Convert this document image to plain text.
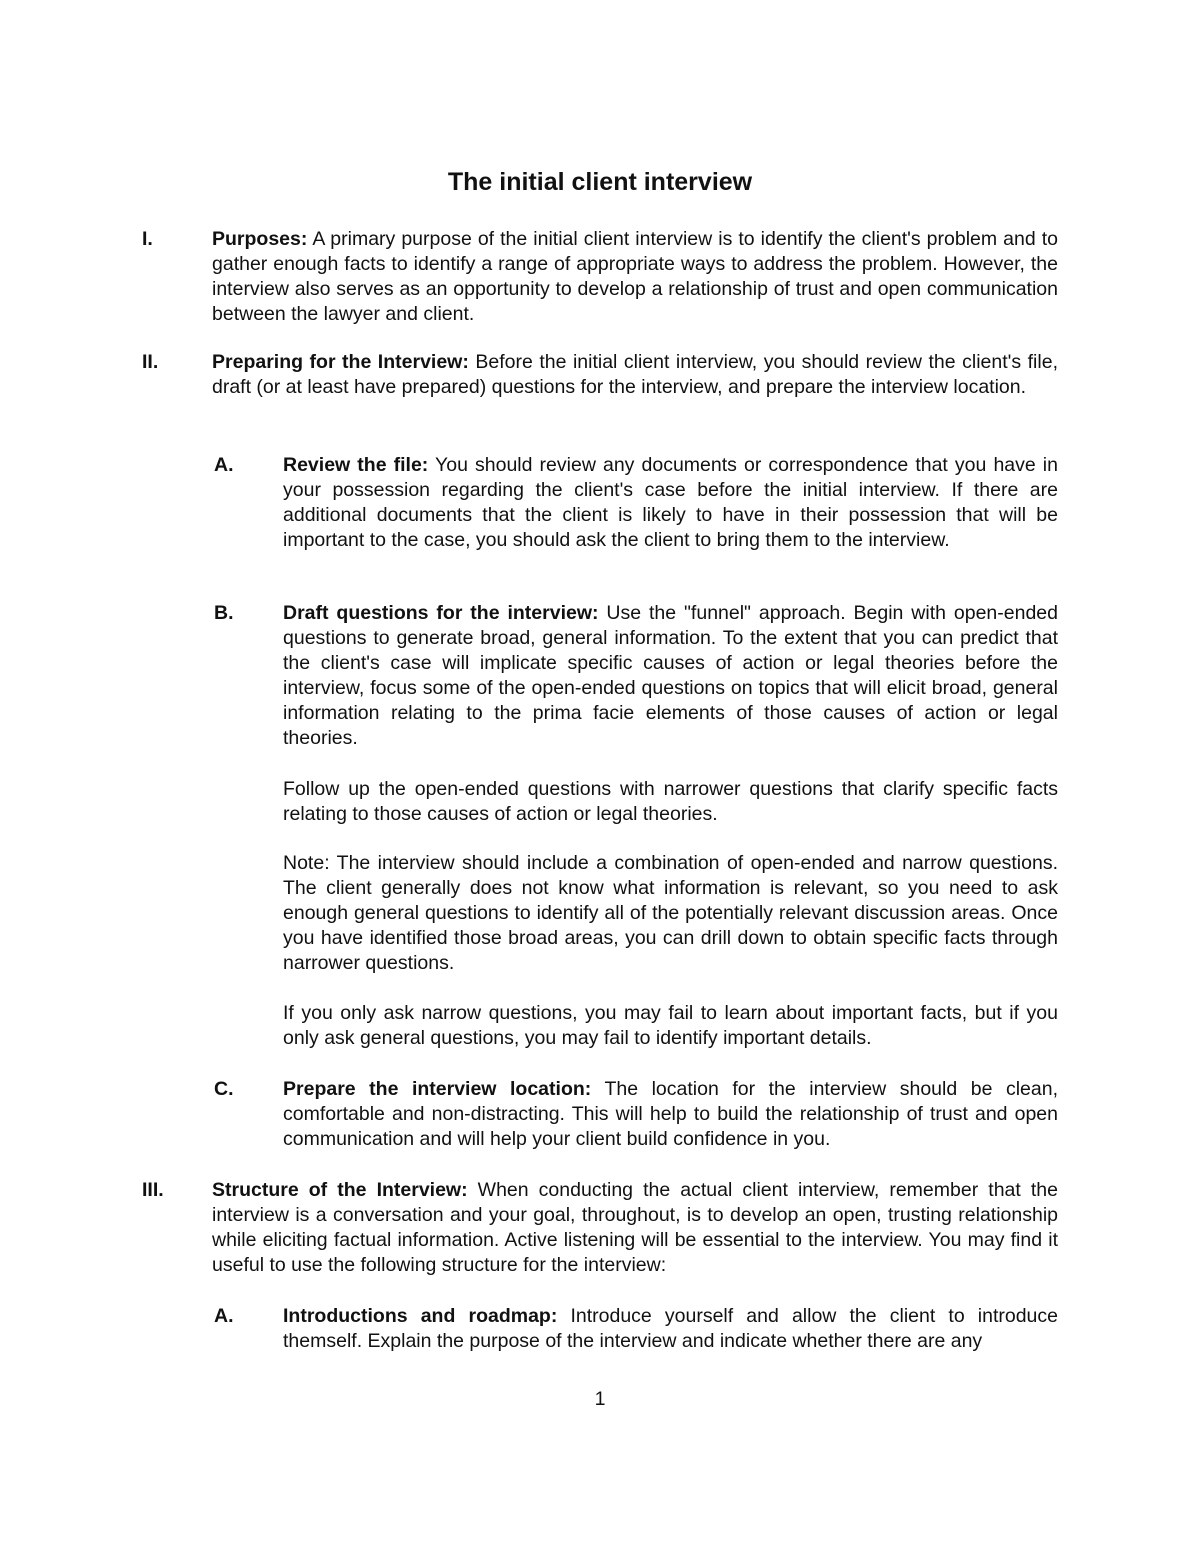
The initial client interview
I.	Purposes: A primary purpose of the initial client interview is to identify the client's problem and to gather enough facts to identify a range of appropriate ways to address the problem. However, the interview also serves as an opportunity to develop a relationship of trust and open communication between the lawyer and client.

II.	Preparing for the Interview: Before the initial client interview, you should review the client's file, draft (or at least have prepared) questions for the interview, and prepare the interview location.

A.	Review the file: You should review any documents or correspondence that you have in your possession regarding the client's case before the initial interview. If there are additional documents that the client is likely to have in their possession that will be important to the case, you should ask the client to bring them to the interview.

B.	Draft questions for the interview: Use the "funnel" approach. Begin with open-ended questions to generate broad, general information. To the extent that you can predict that the client's case will implicate specific causes of action or legal theories before the interview, focus some of the open-ended questions on topics that will elicit broad, general information relating to the prima facie elements of those causes of action or legal theories.

Follow up the open-ended questions with narrower questions that clarify specific facts relating to those causes of action or legal theories.

Note: The interview should include a combination of open-ended and narrow questions. The client generally does not know what information is relevant, so you need to ask enough general questions to identify all of the potentially relevant discussion areas. Once you have identified those broad areas, you can drill down to obtain specific facts through narrower questions.

If you only ask narrow questions, you may fail to learn about important facts, but if you only ask general questions, you may fail to identify important details.

C.	Prepare the interview location: The location for the interview should be clean, comfortable and non-distracting. This will help to build the relationship of trust and open communication and will help your client build confidence in you.

III. Structure of the Interview: When conducting the actual client interview, remember that the interview is a conversation and your goal, throughout, is to develop an open, trusting relationship while eliciting factual information. Active listening will be essential to the interview. You may find it useful to use the following structure for the interview:

A.	Introductions and roadmap: Introduce yourself and allow the client to introduce themself. Explain the purpose of the interview and indicate whether there are any

1
